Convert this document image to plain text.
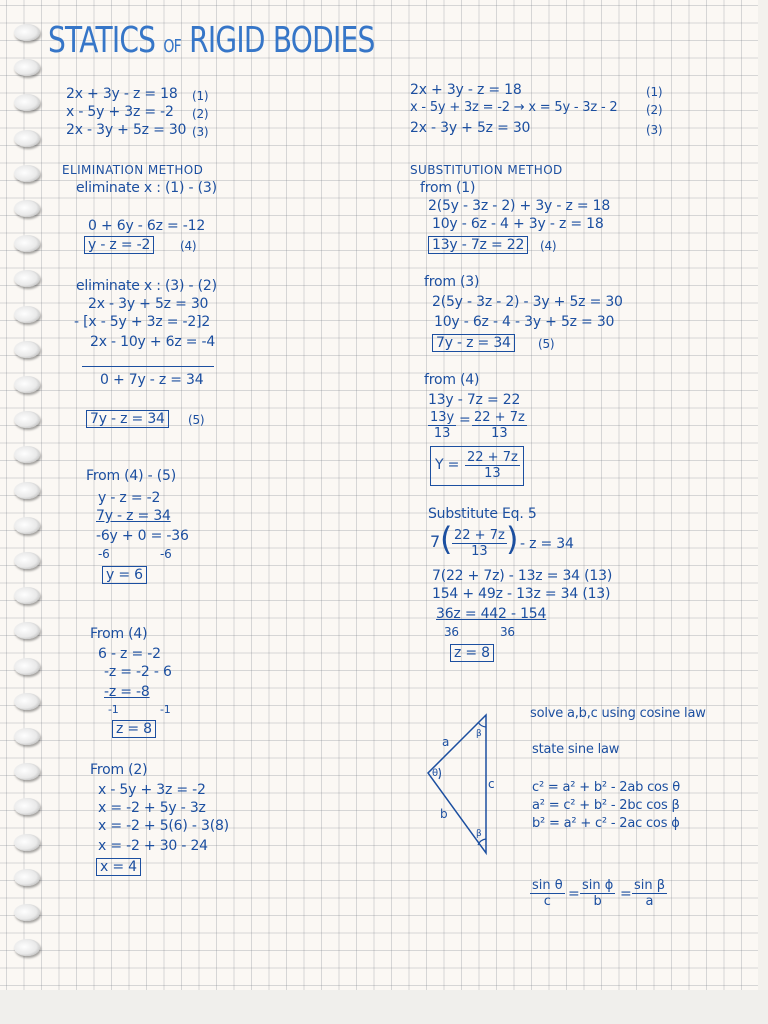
STATICS OF RIGID BODIES
2x + 3y - z = 18 (1)
x - 5y + 3z = -2 (2)
2x - 3y + 5z = 30 (3)
ELIMINATION METHOD
eliminate x : (1) - (3)
0 + 6y - 6z = -12
y - z = -2	(4)
eliminate x : (3) - (2)
2x - 3y + 5z = 30
- [x - 5y + 3z = -2]2
2x - 10y + 6z = -4
0 + 7y - z = 34
7y - z = 34	(5)
From (4) - (5)
y - z = -2
7y - z = 34
-6y + 0 = -36
-6	-6
y = 6
From (4)
6 - z = -2
-z = -2 - 6
-z = -8
-1	-1
z = 8
From (2)
x - 5y + 3z = -2
x = -2 + 5y - 3z
x = -2 + 5(6) - 3(8)
x = -2 + 30 - 24
x = 4
2x + 3y - z = 18	(1)
x - 5y + 3z = -2 → x = 5y - 3z - 2 (2)
2x - 3y + 5z = 30	(3)
SUBSTITUTION METHOD
from (1)
2(5y - 3z - 2) + 3y - z = 18
10y - 6z - 4 + 3y - z = 18
13y - 7z = 22	(4)
from (3)
2(5y - 3z - 2) - 3y + 5z = 30
10y - 6z - 4 - 3y + 5z = 30
7y - z = 34	(5)
from (4)
13y - 7z = 22
$\frac{13y}{13} = \frac{22 + 7z}{13}$
$Y = \frac{22 + 7z}{13}$
Substitute Eq. 5
7 ( $\frac{22 + 7z}{13}$ ) - z = 34
7(22 + 7z) - 13z = 34 (13)
154 + 49z - 13z = 34 (13)
36z = 442 - 154
36	36
z = 8
a
c
b
θ
β
β
solve a,b,c using cosine law
state sine law
c² = a² + b² - 2ab cos θ
a² = c² + b² - 2bc cos β
b² = a² + c² - 2ac cos ϕ
$\frac{\text{sin θ}}{c} = \frac{\text{sin ϕ}}{b} = \frac{\text{sin β}}{a}$
